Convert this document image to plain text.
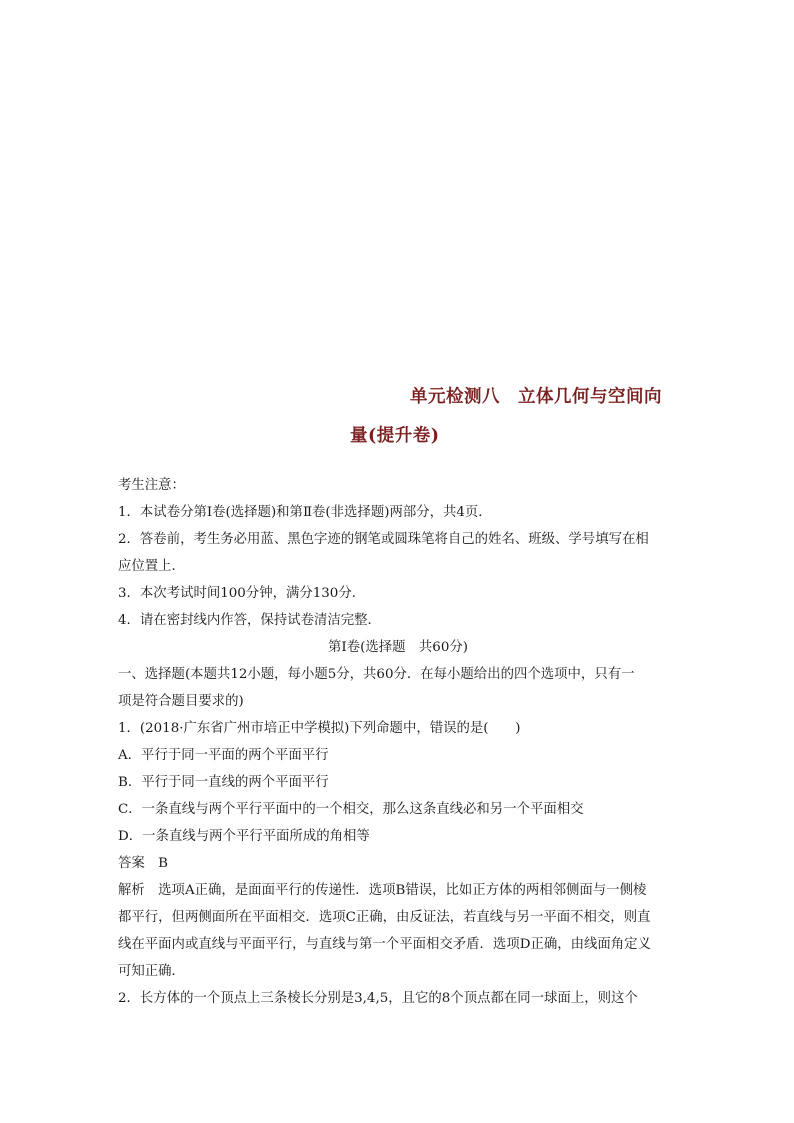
单元检测八　立体几何与空间向
量(提升卷)

考生注意：

1．本试卷分第Ⅰ卷(选择题)和第Ⅱ卷(非选择题)两部分，共4页．

2．答卷前，考生务必用蓝、黑色字迹的钢笔或圆珠笔将自己的姓名、班级、学号填写在相

应位置上．

3．本次考试时间100分钟，满分130分．

4．请在密封线内作答，保持试卷清洁完整．

第Ⅰ卷(选择题　共60分)

一、选择题(本题共12小题，每小题5分，共60分．在每小题给出的四个选项中，只有一

项是符合题目要求的)

1．(2018·广东省广州市培正中学模拟)下列命题中，错误的是(　　)

A．平行于同一平面的两个平面平行

B．平行于同一直线的两个平面平行

C．一条直线与两个平行平面中的一个相交，那么这条直线必和另一个平面相交

D．一条直线与两个平行平面所成的角相等

答案　B

解析　选项A正确，是面面平行的传递性．选项B错误，比如正方体的两相邻侧面与一侧棱

都平行，但两侧面所在平面相交．选项C正确，由反证法，若直线与另一平面不相交，则直

线在平面内或直线与平面平行，与直线与第一个平面相交矛盾．选项D正确，由线面角定义

可知正确．

2．长方体的一个顶点上三条棱长分别是3,4,5，且它的8个顶点都在同一球面上，则这个
